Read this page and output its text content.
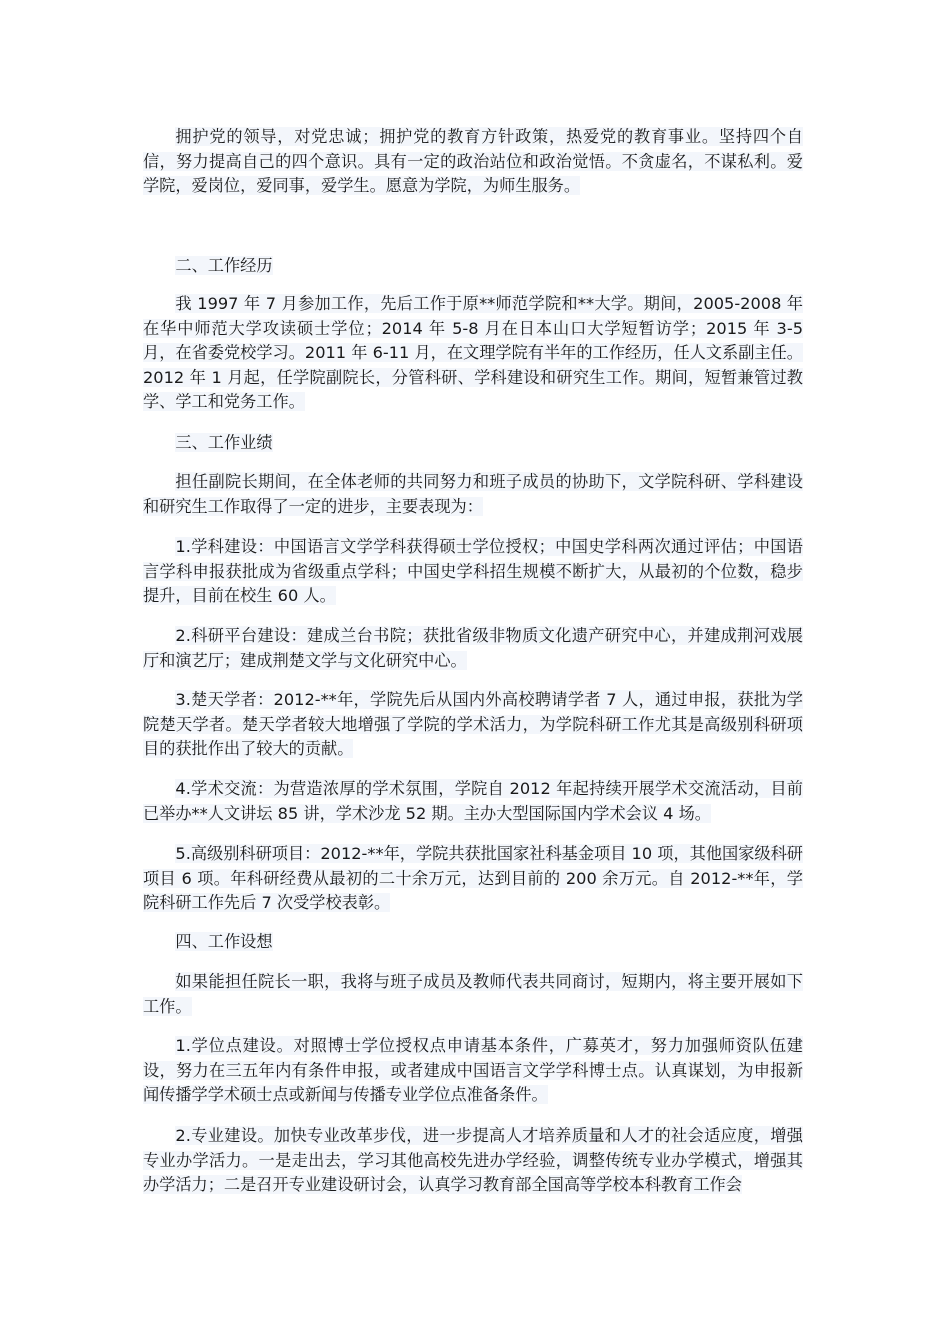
拥护党的领导，对党忠诚；拥护党的教育方针政策，热爱党的教育事业。坚持四个自信，努力提高自己的四个意识。具有一定的政治站位和政治觉悟。不贪虚名，不谋私利。爱学院，爱岗位，爱同事，爱学生。愿意为学院，为师生服务。

二、工作经历

我 1997 年 7 月参加工作，先后工作于原**师范学院和**大学。期间，2005-2008 年在华中师范大学攻读硕士学位；2014 年 5-8 月在日本山口大学短暂访学；2015 年 3-5 月，在省委党校学习。2011 年 6-11 月，在文理学院有半年的工作经历，任人文系副主任。2012 年 1 月起，任学院副院长，分管科研、学科建设和研究生工作。期间，短暂兼管过教学、学工和党务工作。

三、工作业绩

担任副院长期间，在全体老师的共同努力和班子成员的协助下，文学院科研、学科建设和研究生工作取得了一定的进步，主要表现为：

1.学科建设：中国语言文学学科获得硕士学位授权；中国史学科两次通过评估；中国语言学科申报获批成为省级重点学科；中国史学科招生规模不断扩大，从最初的个位数，稳步提升，目前在校生 60 人。

2.科研平台建设：建成兰台书院；获批省级非物质文化遗产研究中心，并建成荆河戏展厅和演艺厅；建成荆楚文学与文化研究中心。

3.楚天学者：2012-**年，学院先后从国内外高校聘请学者 7 人，通过申报，获批为学院楚天学者。楚天学者较大地增强了学院的学术活力，为学院科研工作尤其是高级别科研项目的获批作出了较大的贡献。

4.学术交流：为营造浓厚的学术氛围，学院自 2012 年起持续开展学术交流活动，目前已举办**人文讲坛 85 讲，学术沙龙 52 期。主办大型国际国内学术会议 4 场。

5.高级别科研项目：2012-**年，学院共获批国家社科基金项目 10 项，其他国家级科研项目 6 项。年科研经费从最初的二十余万元，达到目前的 200 余万元。自 2012-**年，学院科研工作先后 7 次受学校表彰。

四、工作设想

如果能担任院长一职，我将与班子成员及教师代表共同商讨，短期内，将主要开展如下工作。

1.学位点建设。对照博士学位授权点申请基本条件，广募英才，努力加强师资队伍建设，努力在三五年内有条件申报，或者建成中国语言文学学科博士点。认真谋划，为申报新闻传播学学术硕士点或新闻与传播专业学位点准备条件。

2.专业建设。加快专业改革步伐，进一步提高人才培养质量和人才的社会适应度，增强专业办学活力。一是走出去，学习其他高校先进办学经验，调整传统专业办学模式，增强其办学活力；二是召开专业建设研讨会，认真学习教育部全国高等学校本科教育工作会
